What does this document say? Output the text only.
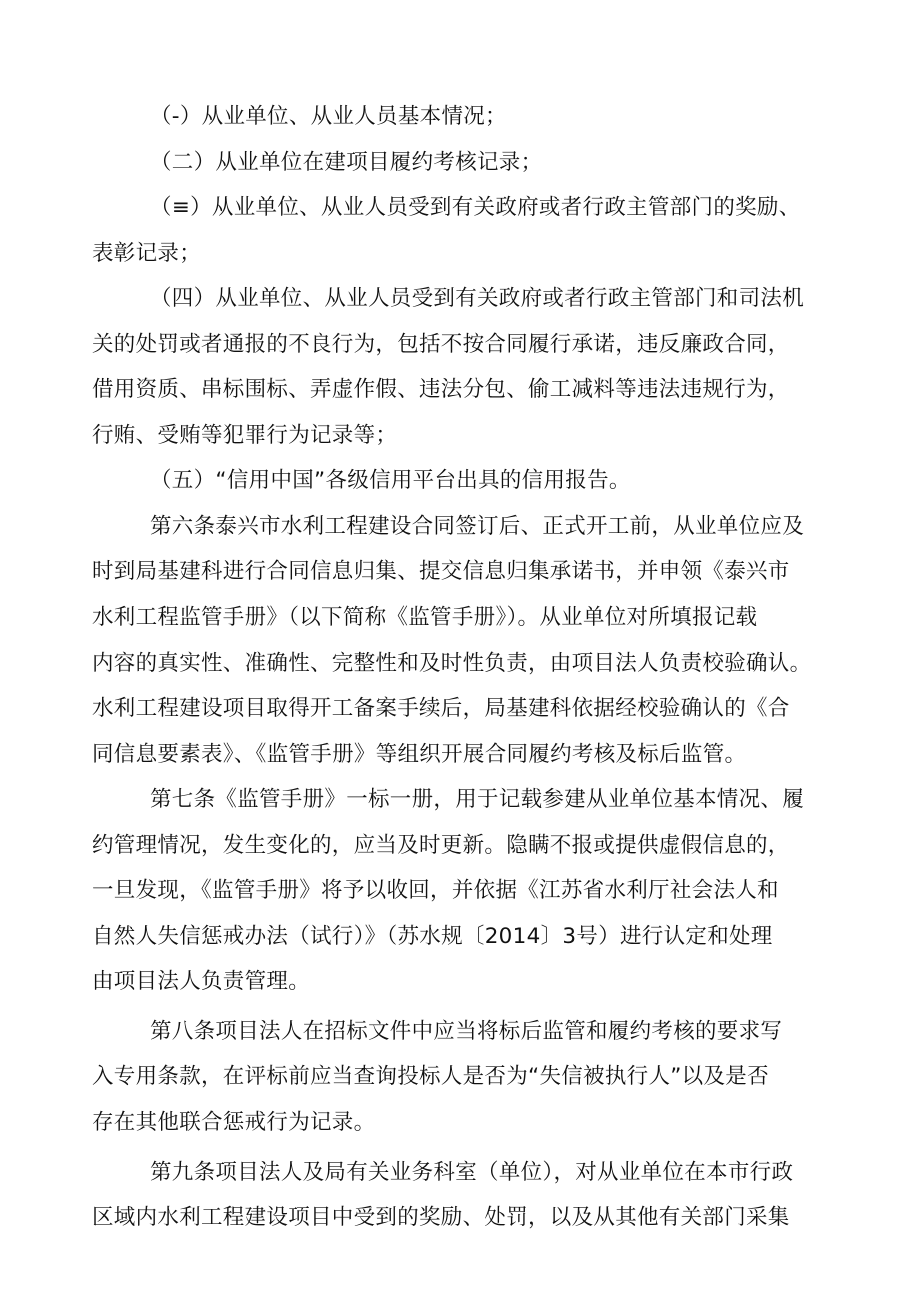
（-）从业单位、从业人员基本情况；
（二）从业单位在建项目履约考核记录；
（≡）从业单位、从业人员受到有关政府或者行政主管部门的奖励、
表彰记录；
（四）从业单位、从业人员受到有关政府或者行政主管部门和司法机
关的处罚或者通报的不良行为，包括不按合同履行承诺，违反廉政合同，
借用资质、串标围标、弄虚作假、违法分包、偷工减料等违法违规行为，
行贿、受贿等犯罪行为记录等；
（五）“信用中国”各级信用平台出具的信用报告。
第六条泰兴市水利工程建设合同签订后、正式开工前，从业单位应及
时到局基建科进行合同信息归集、提交信息归集承诺书，并申领《泰兴市
水利工程监管手册》（以下简称《监管手册》）。从业单位对所填报记载
内容的真实性、准确性、完整性和及时性负责，由项目法人负责校验确认。
水利工程建设项目取得开工备案手续后，局基建科依据经校验确认的《合
同信息要素表》、《监管手册》等组织开展合同履约考核及标后监管。
第七条《监管手册》一标一册，用于记载参建从业单位基本情况、履
约管理情况，发生变化的，应当及时更新。隐瞒不报或提供虚假信息的，
一旦发现，《监管手册》将予以收回，并依据《江苏省水利厅社会法人和
自然人失信惩戒办法（试行）》（苏水规〔2014〕3号）进行认定和处理
由项目法人负责管理。
第八条项目法人在招标文件中应当将标后监管和履约考核的要求写
入专用条款，在评标前应当查询投标人是否为“失信被执行人”以及是否
存在其他联合惩戒行为记录。
第九条项目法人及局有关业务科室（单位），对从业单位在本市行政
区域内水利工程建设项目中受到的奖励、处罚，以及从其他有关部门采集
